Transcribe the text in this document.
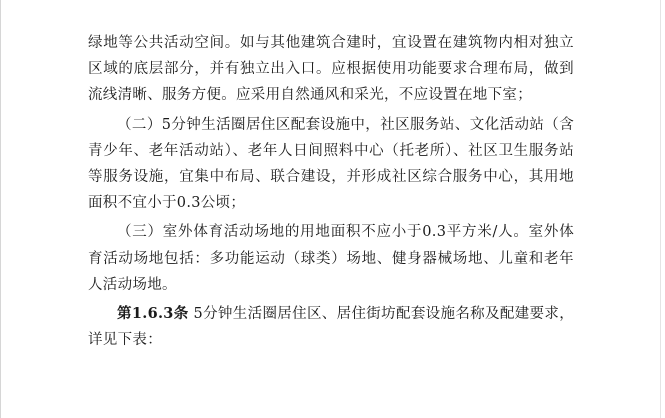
绿地等公共活动空间。如与其他建筑合建时，宜设置在建筑物内相对独立区域的底层部分，并有独立出入口。应根据使用功能要求合理布局，做到流线清晰、服务方便。应采用自然通风和采光，不应设置在地下室；

（二）5分钟生活圈居住区配套设施中，社区服务站、文化活动站（含青少年、老年活动站）、老年人日间照料中心（托老所）、社区卫生服务站等服务设施，宜集中布局、联合建设，并形成社区综合服务中心，其用地面积不宜小于0.3公顷；

（三）室外体育活动场地的用地面积不应小于0.3平方米/人。室外体育活动场地包括：多功能运动（球类）场地、健身器械场地、儿童和老年人活动场地。

第1.6.3条 5分钟生活圈居住区、居住街坊配套设施名称及配建要求，详见下表：
